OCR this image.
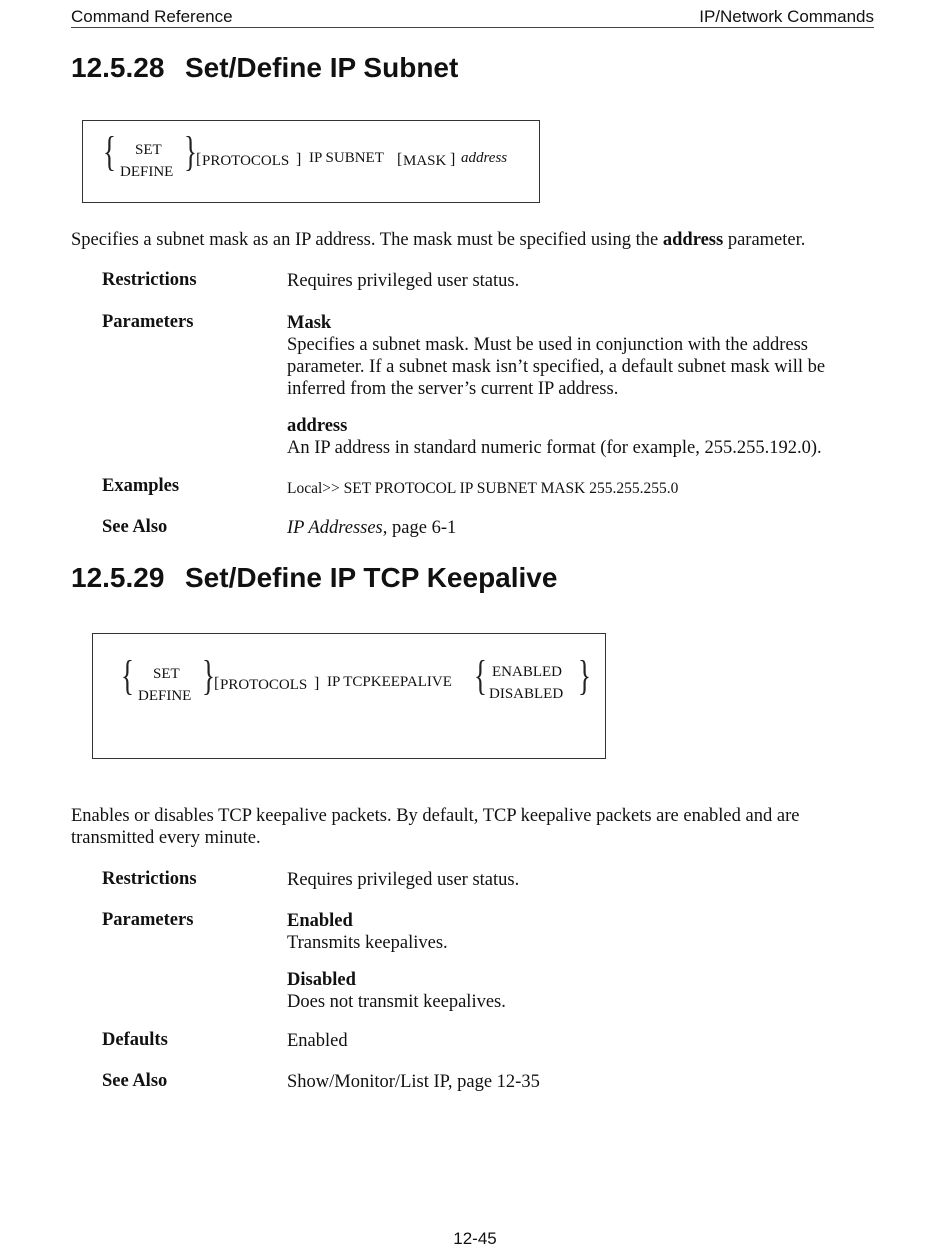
Command Reference	IP/Network Commands
12.5.28 Set/Define IP Subnet
{ SET
DEFINE } [ PROTOCOLS ] IP SUBNET [ MASK ] address
Specifies a subnet mask as an IP address. The mask must be specified using the address parameter.
Restrictions	Requires privileged user status.
Parameters	Mask
Specifies a subnet mask. Must be used in conjunction with the address parameter. If a subnet mask isn’t specified, a default subnet mask will be inferred from the server’s current IP address.
address
An IP address in standard numeric format (for example, 255.255.192.0).
Examples	Local>> SET PROTOCOL IP SUBNET MASK 255.255.255.0
See Also	IP Addresses, page 6-1
12.5.29 Set/Define IP TCP Keepalive
{ SET
DEFINE } [ PROTOCOLS ] IP TCPKEEPALIVE { ENABLED
DISABLED }
Enables or disables TCP keepalive packets. By default, TCP keepalive packets are enabled and are transmitted every minute.
Restrictions	Requires privileged user status.
Parameters	Enabled
Transmits keepalives.
Disabled
Does not transmit keepalives.
Defaults	Enabled
See Also	Show/Monitor/List IP, page 12-35
12-45
